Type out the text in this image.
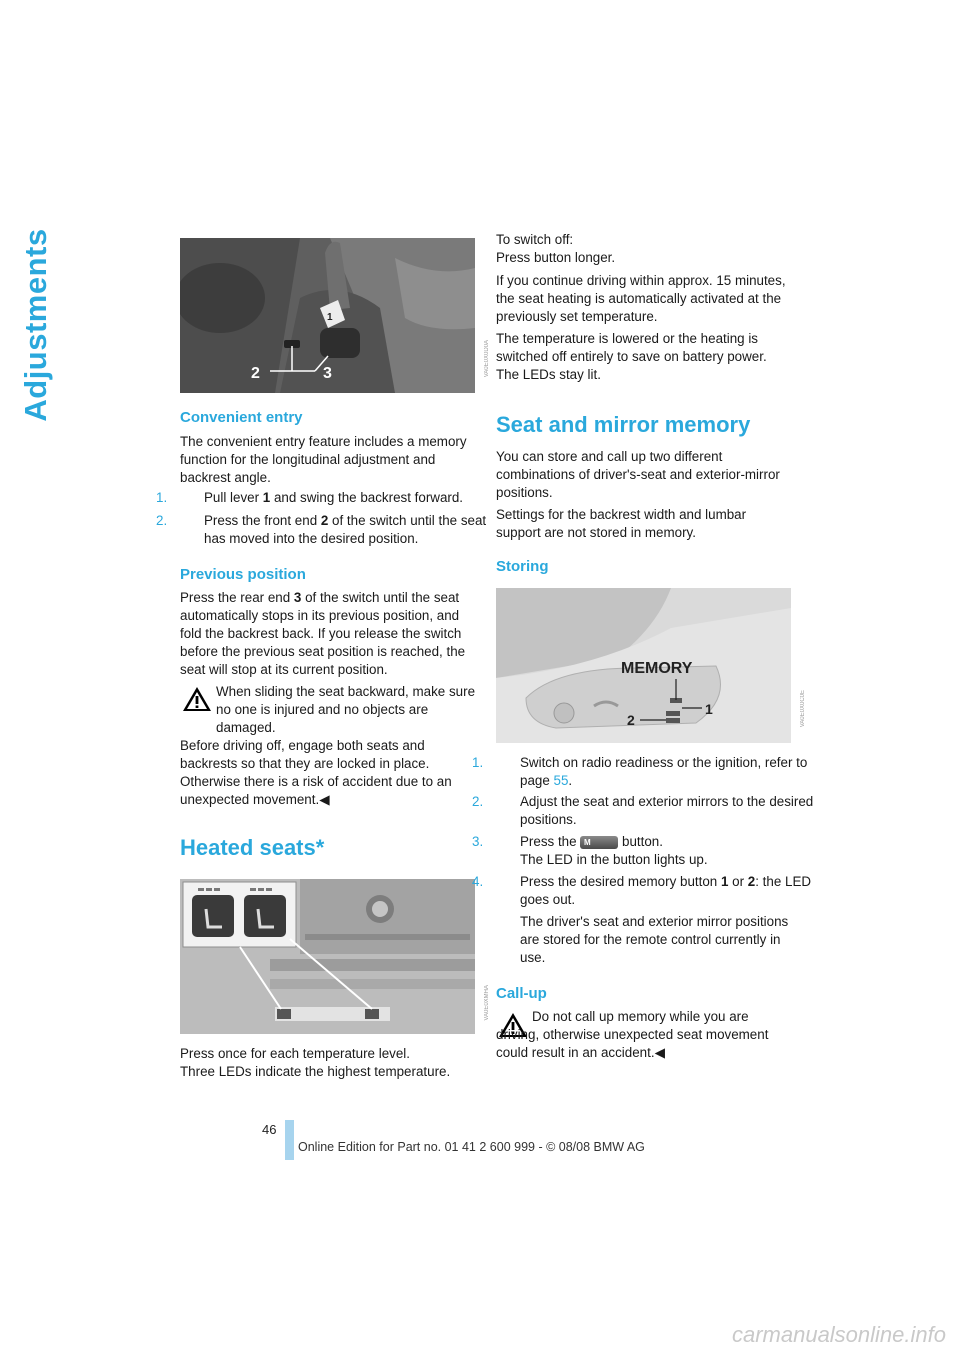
Adjustments	1
2	3	VA0E0X0D0A
Convenient entry

The convenient entry feature includes a memory function for the longitudinal adjustment and backrest angle.

1.	Pull lever 1 and swing the backrest forward.

2.	Press the front end 2 of the switch until the seat has moved into the desired position.

Previous position

Press the rear end 3 of the switch until the seat automatically stops in its previous position, and fold the backrest back. If you release the switch before the previous seat position is reached, the seat will stop at its current position.

When sliding the seat backward, make sure no one is injured and no objects are damaged.

Before driving off, engage both seats and backrests so that they are locked in place. Otherwise there is a risk of accident due to an unexpected movement.◀

Heated seats*
VA0E0XMHA

Press once for each temperature level.

Three LEDs indicate the highest temperature.

To switch off:

Press button longer.

If you continue driving within approx. 15 minutes, the seat heating is automatically activated at the previously set temperature.

The temperature is lowered or the heating is switched off entirely to save on battery power. The LEDs stay lit.

Seat and mirror memory

You can store and call up two different combinations of driver's-seat and exterior-mirror positions.

Settings for the backrest width and lumbar support are not stored in memory.

Storing
MEMORY
1
2	VA0E0X0C0E

1.	Switch on radio readiness or the ignition, refer to page 55.

2.	Adjust the seat and exterior mirrors to the desired positions.

3.	Press the M button.

The LED in the button lights up.

4.	Press the desired memory button 1 or 2: the LED goes out.

The driver's seat and exterior mirror positions are stored for the remote control currently in use.

Call-up

Do not call up memory while you are driving, otherwise unexpected seat movement could result in an accident.◀

46
Online Edition for Part no. 01 41 2 600 999 - © 08/08 BMW AG
carmanualsonline.info
